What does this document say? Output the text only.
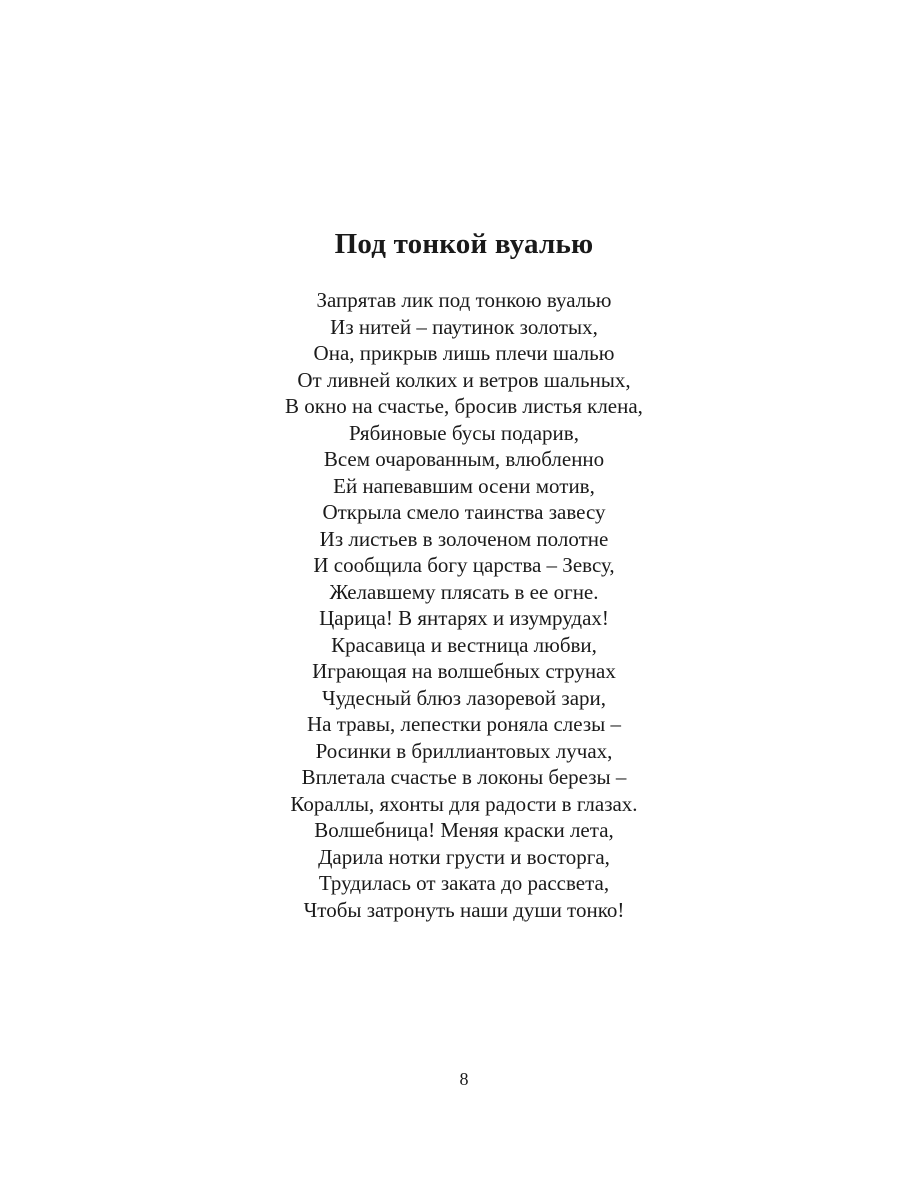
Под тонкой вуалью
Запрятав лик под тонкою вуалью
Из нитей – паутинок золотых,
Она, прикрыв лишь плечи шалью
От ливней колких и ветров шальных,
В окно на счастье, бросив листья клена,
Рябиновые бусы подарив,
Всем очарованным, влюбленно
Ей напевавшим осени мотив,
Открыла смело таинства завесу
Из листьев в золоченом полотне
И сообщила богу царства – Зевсу,
Желавшему плясать в ее огне.
Царица! В янтарях и изумрудах!
Красавица и вестница любви,
Играющая на волшебных струнах
Чудесный блюз лазоревой зари,
На травы, лепестки роняла слезы –
Росинки в бриллиантовых лучах,
Вплетала счастье в локоны березы –
Кораллы, яхонты для радости в глазах.
Волшебница! Меняя краски лета,
Дарила нотки грусти и восторга,
Трудилась от заката до рассвета,
Чтобы затронуть наши души тонко!
8
